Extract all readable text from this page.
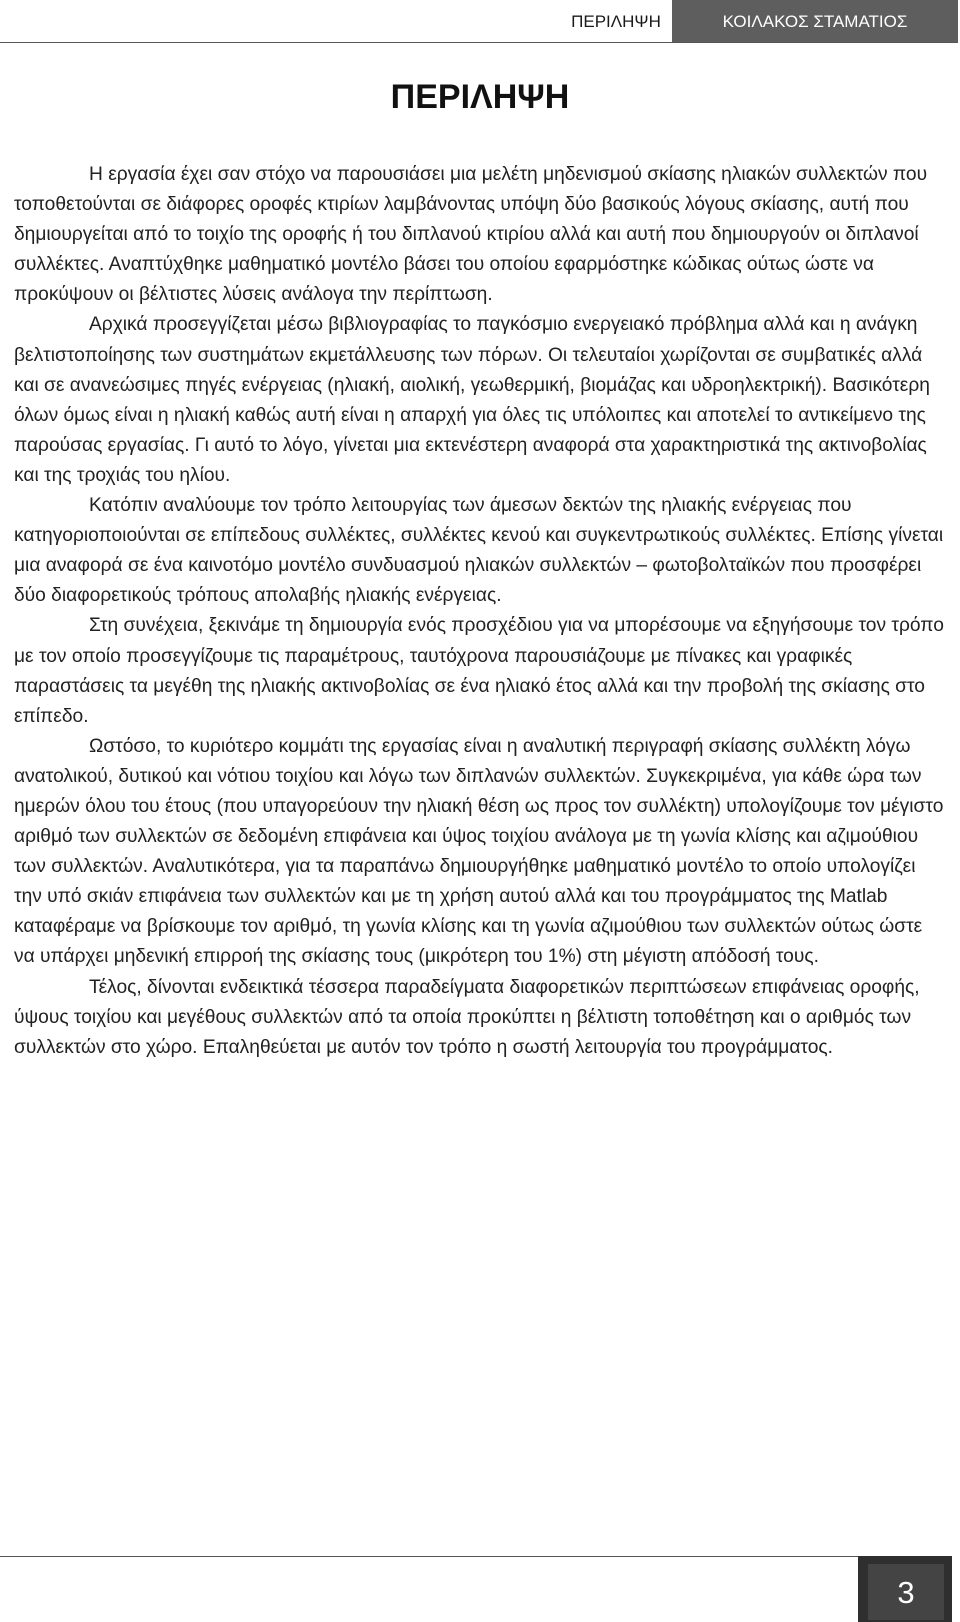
ΠΕΡΙΛΗΨΗ	ΚΟΙΛΑΚΟΣ ΣΤΑΜΑΤΙΟΣ
ΠΕΡΙΛΗΨΗ

Η εργασία έχει σαν στόχο να παρουσιάσει μια μελέτη μηδενισμού σκίασης ηλιακών συλλεκτών που τοποθετούνται σε διάφορες οροφές κτιρίων λαμβάνοντας υπόψη δύο βασικούς λόγους σκίασης, αυτή που δημιουργείται από το τοιχίο της οροφής ή του διπλανού κτιρίου αλλά και αυτή που δημιουργούν οι διπλανοί συλλέκτες. Αναπτύχθηκε μαθηματικό μοντέλο βάσει του οποίου εφαρμόστηκε κώδικας ούτως ώστε να προκύψουν οι βέλτιστες λύσεις ανάλογα την περίπτωση.

Αρχικά προσεγγίζεται μέσω βιβλιογραφίας το παγκόσμιο ενεργειακό πρόβλημα αλλά και η ανάγκη βελτιστοποίησης των συστημάτων εκμετάλλευσης των πόρων. Οι τελευταίοι χωρίζονται σε συμβατικές αλλά και σε ανανεώσιμες πηγές ενέργειας (ηλιακή, αιολική, γεωθερμική, βιομάζας και υδροηλεκτρική). Βασικότερη όλων όμως είναι η ηλιακή καθώς αυτή είναι η απαρχή για όλες τις υπόλοιπες και αποτελεί το αντικείμενο της παρούσας εργασίας. Γι αυτό το λόγο, γίνεται μια εκτενέστερη αναφορά στα χαρακτηριστικά της ακτινοβολίας και της τροχιάς του ηλίου.

Κατόπιν αναλύουμε τον τρόπο λειτουργίας των άμεσων δεκτών της ηλιακής ενέργειας που κατηγοριοποιούνται σε επίπεδους συλλέκτες, συλλέκτες κενού και συγκεντρωτικούς συλλέκτες. Επίσης γίνεται μια αναφορά σε ένα καινοτόμο μοντέλο συνδυασμού ηλιακών συλλεκτών – φωτοβολταϊκών που προσφέρει δύο διαφορετικούς τρόπους απολαβής ηλιακής ενέργειας.

Στη συνέχεια, ξεκινάμε τη δημιουργία ενός προσχέδιου για να μπορέσουμε να εξηγήσουμε τον τρόπο με τον οποίο προσεγγίζουμε τις παραμέτρους, ταυτόχρονα παρουσιάζουμε με πίνακες και γραφικές παραστάσεις τα μεγέθη της ηλιακής ακτινοβολίας σε ένα ηλιακό έτος αλλά και την προβολή της σκίασης στο επίπεδο.

Ωστόσο, το κυριότερο κομμάτι της εργασίας είναι η αναλυτική περιγραφή σκίασης συλλέκτη λόγω ανατολικού, δυτικού και νότιου τοιχίου και λόγω των διπλανών συλλεκτών. Συγκεκριμένα, για κάθε ώρα των ημερών όλου του έτους (που υπαγορεύουν την ηλιακή θέση ως προς τον συλλέκτη) υπολογίζουμε τον μέγιστο αριθμό των συλλεκτών σε δεδομένη επιφάνεια και ύψος τοιχίου ανάλογα με τη γωνία κλίσης και αζιμούθιου των συλλεκτών. Αναλυτικότερα, για τα παραπάνω δημιουργήθηκε μαθηματικό μοντέλο το οποίο υπολογίζει την υπό σκιάν επιφάνεια των συλλεκτών και με τη χρήση αυτού αλλά και του προγράμματος της Matlab καταφέραμε να βρίσκουμε τον αριθμό, τη γωνία κλίσης και τη γωνία αζιμούθιου των συλλεκτών ούτως ώστε να υπάρχει μηδενική επιρροή της σκίασης τους (μικρότερη του 1%) στη μέγιστη απόδοσή τους.

Τέλος, δίνονται ενδεικτικά τέσσερα παραδείγματα διαφορετικών περιπτώσεων επιφάνειας οροφής, ύψους τοιχίου και μεγέθους συλλεκτών από τα οποία προκύπτει η βέλτιστη τοποθέτηση και ο αριθμός των συλλεκτών στο χώρο. Επαληθεύεται με αυτόν τον τρόπο η σωστή λειτουργία του προγράμματος.

3
